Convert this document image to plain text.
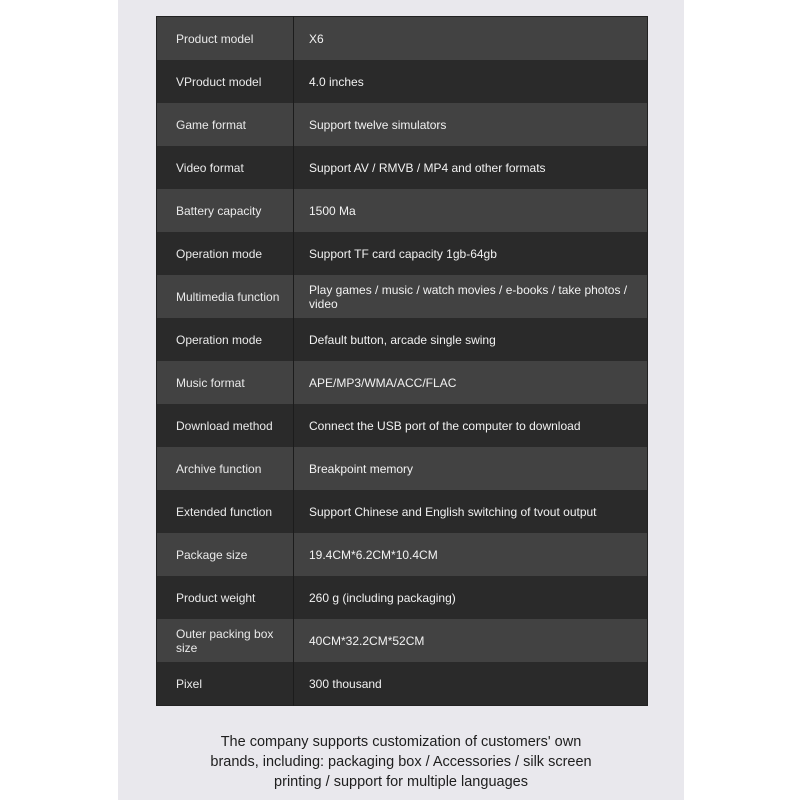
Product model	X6
VProduct model	4.0 inches
Game format	Support twelve simulators
Video format	Support AV / RMVB / MP4 and other formats
Battery capacity	1500 Ma
Operation mode	Support TF card capacity 1gb-64gb
Multimedia function	Play games / music / watch movies / e-books / take photos / video
Operation mode	Default button, arcade single swing
Music format	APE/MP3/WMA/ACC/FLAC
Download method	Connect the USB port of the computer to download
Archive function	Breakpoint memory
Extended function	Support Chinese and English switching of tvout output
Package size	19.4CM*6.2CM*10.4CM
Product weight	260 g (including packaging)
Outer packing box size	40CM*32.2CM*52CM
Pixel	300 thousand
The company supports customization of customers' own
brands, including: packaging box / Accessories / silk screen
printing / support for multiple languages
